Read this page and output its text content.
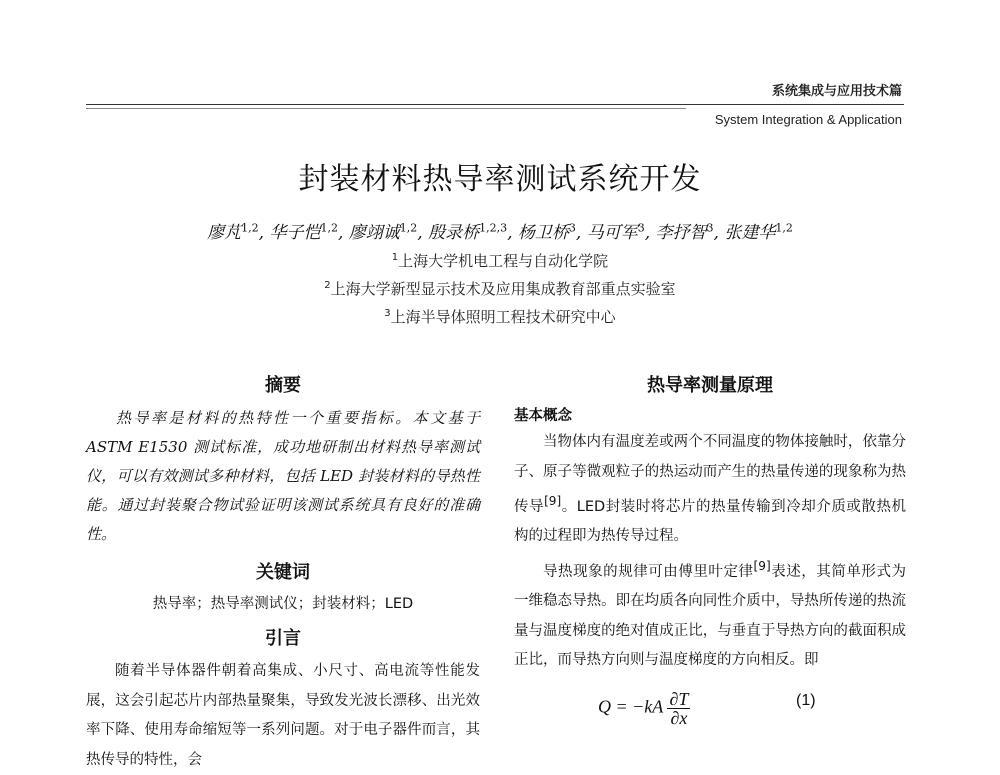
系统集成与应用技术篇
System Integration & Application
封装材料热导率测试系统开发
廖芃$^{1,2}$, 华子恺$^{1,2}$, 廖翊诚$^{1,2}$, 殷录桥$^{1,2,3}$, 杨卫桥$^3$, 马可军$^3$, 李抒智$^3$, 张建华$^{1,2}$
$^1$上海大学机电工程与自动化学院
$^2$上海大学新型显示技术及应用集成教育部重点实验室
$^3$上海半导体照明工程技术研究中心
摘要

热导率是材料的热特性一个重要指标。本文基于 ASTM E1530 测试标准，成功地研制出材料热导率测试仪，可以有效测试多种材料，包括 LED 封装材料的导热性能。通过封装聚合物试验证明该测试系统具有良好的准确性。

关键词

热导率；热导率测试仪；封装材料；LED

引言

随着半导体器件朝着高集成、小尺寸、高电流等性能发展，这会引起芯片内部热量聚集，导致发光波长漂移、出光效率下降、使用寿命缩短等一系列问题。对于电子器件而言，其热传导的特性，会

热导率测量原理
基本概念

当物体内有温度差或两个不同温度的物体接触时，依靠分子、原子等微观粒子的热运动而产生的热量传递的现象称为热传导[9]。LED封装时将芯片的热量传输到冷却介质或散热机构的过程即为热传导过程。

导热现象的规律可由傅里叶定律[9]表述，其简单形式为一维稳态导热。即在均质各向同性介质中，导热所传递的热流量与温度梯度的绝对值成正比，与垂直于导热方向的截面积成正比，而导热方向则与温度梯度的方向相反。即

$Q = -kA \frac{\partial T}{\partial x}$	(1)
